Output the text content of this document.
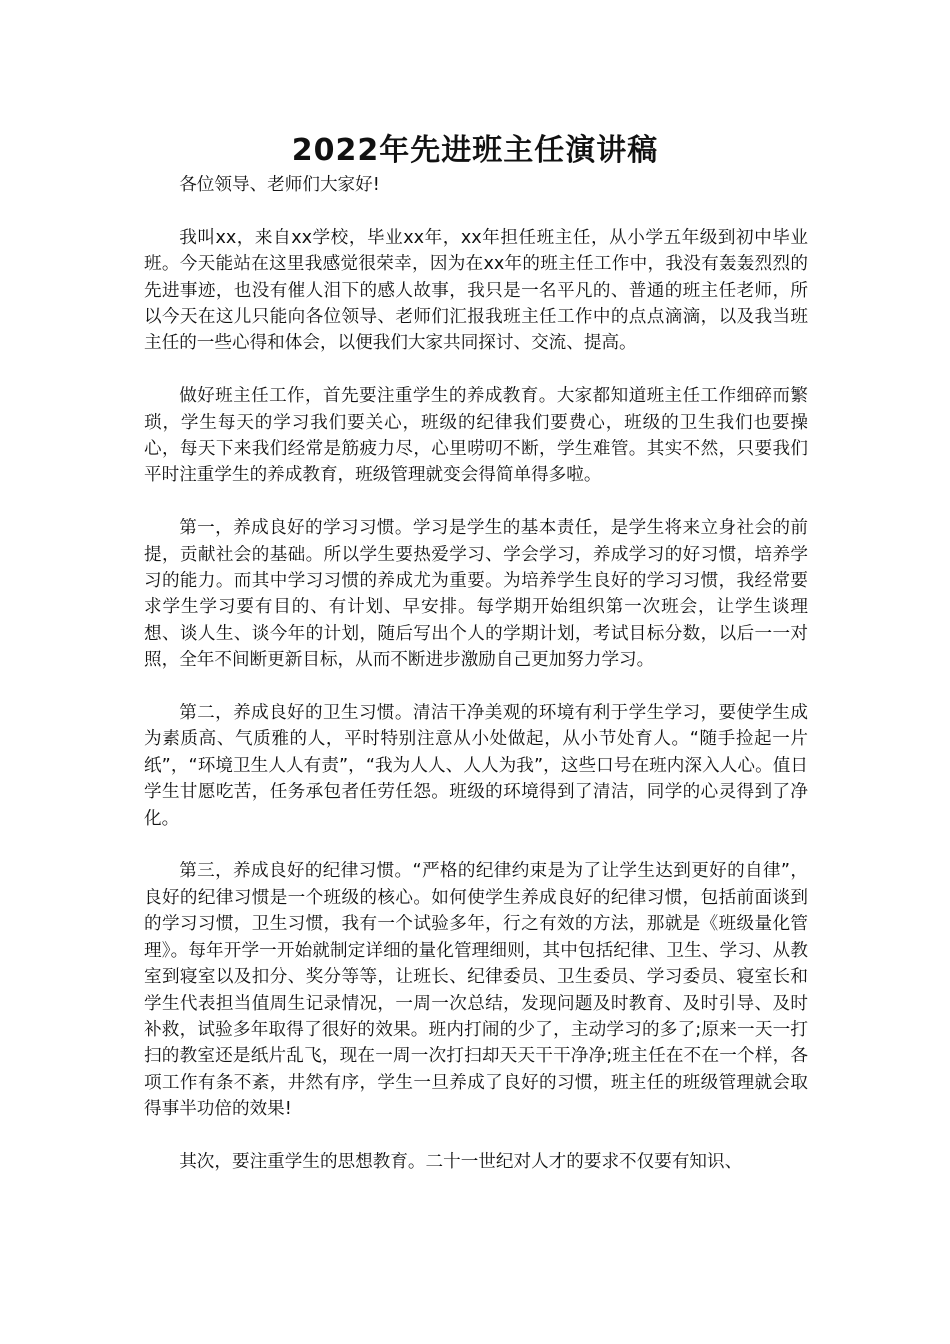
2022年先进班主任演讲稿

各位领导、老师们大家好!

我叫xx，来自xx学校，毕业xx年，xx年担任班主任，从小学五年级到初中毕业班。今天能站在这里我感觉很荣幸，因为在xx年的班主任工作中，我没有轰轰烈烈的先进事迹，也没有催人泪下的感人故事，我只是一名平凡的、普通的班主任老师，所以今天在这儿只能向各位领导、老师们汇报我班主任工作中的点点滴滴，以及我当班主任的一些心得和体会，以便我们大家共同探讨、交流、提高。

做好班主任工作，首先要注重学生的养成教育。大家都知道班主任工作细碎而繁琐，学生每天的学习我们要关心，班级的纪律我们要费心，班级的卫生我们也要操心，每天下来我们经常是筋疲力尽，心里唠叨不断，学生难管。其实不然，只要我们平时注重学生的养成教育，班级管理就变会得简单得多啦。

第一，养成良好的学习习惯。学习是学生的基本责任，是学生将来立身社会的前提，贡献社会的基础。所以学生要热爱学习、学会学习，养成学习的好习惯，培养学习的能力。而其中学习习惯的养成尤为重要。为培养学生良好的学习习惯，我经常要求学生学习要有目的、有计划、早安排。每学期开始组织第一次班会，让学生谈理想、谈人生、谈今年的计划，随后写出个人的学期计划，考试目标分数，以后一一对照，全年不间断更新目标，从而不断进步激励自己更加努力学习。

第二，养成良好的卫生习惯。清洁干净美观的环境有利于学生学习，要使学生成为素质高、气质雅的人，平时特别注意从小处做起，从小节处育人。“随手捡起一片纸”，“环境卫生人人有责”，“我为人人、人人为我”，这些口号在班内深入人心。值日学生甘愿吃苦，任务承包者任劳任怨。班级的环境得到了清洁，同学的心灵得到了净化。

第三，养成良好的纪律习惯。“严格的纪律约束是为了让学生达到更好的自律”，良好的纪律习惯是一个班级的核心。如何使学生养成良好的纪律习惯，包括前面谈到的学习习惯，卫生习惯，我有一个试验多年，行之有效的方法，那就是《班级量化管理》。每年开学一开始就制定详细的量化管理细则，其中包括纪律、卫生、学习、从教室到寝室以及扣分、奖分等等，让班长、纪律委员、卫生委员、学习委员、寝室长和学生代表担当值周生记录情况，一周一次总结，发现问题及时教育、及时引导、及时补救，试验多年取得了很好的效果。班内打闹的少了，主动学习的多了;原来一天一打扫的教室还是纸片乱飞，现在一周一次打扫却天天干干净净;班主任在不在一个样，各项工作有条不紊，井然有序，学生一旦养成了良好的习惯，班主任的班级管理就会取得事半功倍的效果!

其次，要注重学生的思想教育。二十一世纪对人才的要求不仅要有知识、
